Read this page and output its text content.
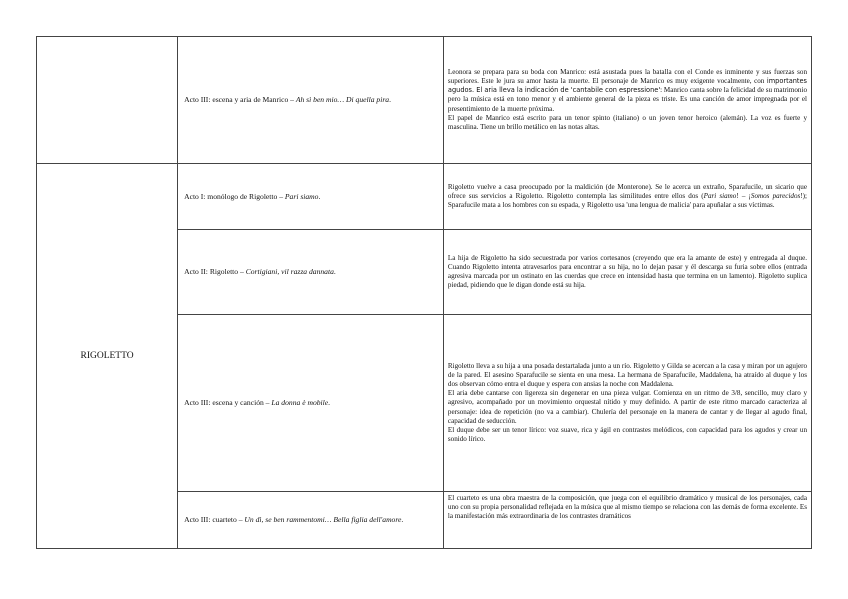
	Acto III: escena y aria de Manrico – Ah sì ben mio… Di quella pira.	Leonora se prepara para su boda con Manrico: está asustada pues la batalla con el Conde es inminente y sus fuerzas son superiores. Este le jura su amor hasta la muerte. El personaje de Manrico es muy exigente vocalmente, con importantes agudos. El aria lleva la indicación de 'cantabile con espressione': Manrico canta sobre la felicidad de su matrimonio pero la música está en tono menor y el ambiente general de la pieza es triste. Es una canción de amor impregnada por el presentimiento de la muerte próxima.

El papel de Manrico está escrito para un tenor spinto (italiano) o un joven tenor heroico (alemán). La voz es fuerte y masculina. Tiene un brillo metálico en las notas altas.

RIGOLETTO	Acto I: monólogo de Rigoletto – Pari siamo.	Rigoletto vuelve a casa preocupado por la maldición (de Monterone). Se le acerca un extraño, Sparafucile, un sicario que ofrece sus servicios a Rigoletto. Rigoletto contempla las similitudes entre ellos dos (Pari siamo! – ¡Somos parecidos!); Sparafucile mata a los hombres con su espada, y Rigoletto usa 'una lengua de malicia' para apuñalar a sus víctimas.

	Acto II: Rigoletto – Cortigiani, vil razza dannata.	La hija de Rigoletto ha sido secuestrada por varios cortesanos (creyendo que era la amante de este) y entregada al duque. Cuando Rigoletto intenta atravesarlos para encontrar a su hija, no lo dejan pasar y él descarga su furia sobre ellos (entrada agresiva marcada por un ostinato en las cuerdas que crece en intensidad hasta que termina en un lamento). Rigoletto suplica piedad, pidiendo que le digan donde está su hija.

	Acto III: escena y canción – La donna è mobile.	Rigoletto lleva a su hija a una posada destartalada junto a un río. Rigoletto y Gilda se acercan a la casa y miran por un agujero de la pared. El asesino Sparafucile se sienta en una mesa. La hermana de Sparafucile, Maddalena, ha atraído al duque y los dos observan cómo entra el duque y espera con ansias la noche con Maddalena.

El aria debe cantarse con ligereza sin degenerar en una pieza vulgar. Comienza en un ritmo de 3/8, sencillo, muy claro y agresivo, acompañado por un movimiento orquestal nítido y muy definido. A partir de este ritmo marcado caracteriza al personaje: idea de repetición (no va a cambiar). Chulería del personaje en la manera de cantar y de llegar al agudo final, capacidad de seducción.

El duque debe ser un tenor lírico: voz suave, rica y ágil en contrastes melódicos, con capacidad para los agudos y crear un sonido lírico.

	Acto III: cuarteto – Un dì, se ben rammentomi… Bella figlia dell'amore.	El cuarteto es una obra maestra de la composición, que juega con el equilibrio dramático y musical de los personajes, cada uno con su propia personalidad reflejada en la música que al mismo tiempo se relaciona con las demás de forma excelente. Es la manifestación más extraordinaria de los contrastes dramáticos
